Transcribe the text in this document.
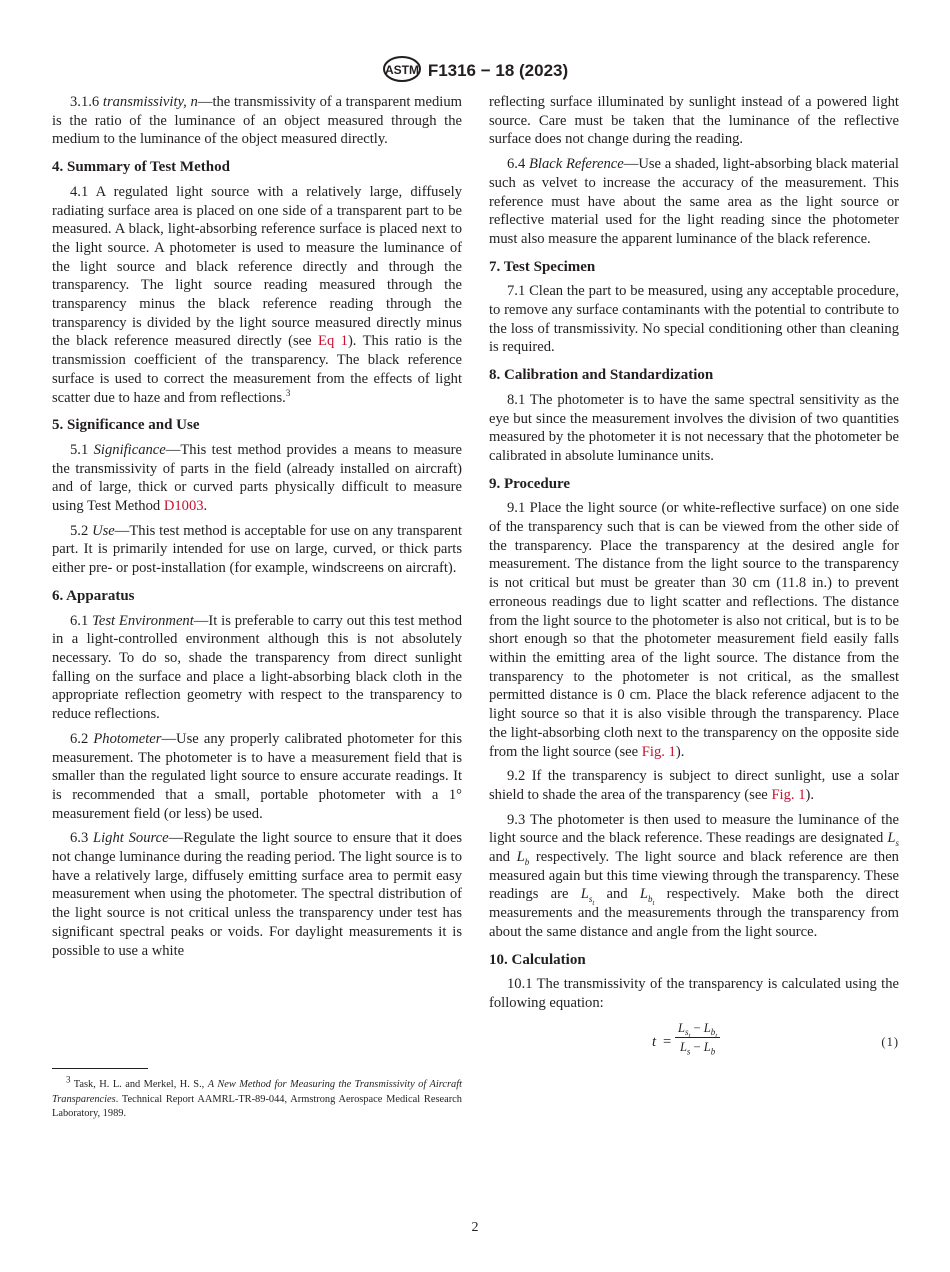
ASTM F1316 − 18 (2023)
3.1.6 transmissivity, n—the transmissivity of a transparent medium is the ratio of the luminance of an object measured through the medium to the luminance of the object measured directly.
4. Summary of Test Method
4.1 A regulated light source with a relatively large, diffusely radiating surface area is placed on one side of a transparent part to be measured. A black, light-absorbing reference surface is placed next to the light source. A photometer is used to measure the luminance of the light source and black reference directly and through the transparency. The light source reading measured through the transparency minus the black reference reading through the transparency is divided by the light source measured directly minus the black reference measured directly (see Eq 1). This ratio is the transmission coefficient of the transparency. The black reference surface is used to correct the measurement from the effects of light scatter due to haze and from reflections.$^3$
5. Significance and Use
5.1 Significance—This test method provides a means to measure the transmissivity of parts in the field (already installed on aircraft) and of large, thick or curved parts physically difficult to measure using Test Method D1003.
5.2 Use—This test method is acceptable for use on any transparent part. It is primarily intended for use on large, curved, or thick parts either pre- or post-installation (for example, windscreens on aircraft).
6. Apparatus
6.1 Test Environment—It is preferable to carry out this test method in a light-controlled environment although this is not absolutely necessary. To do so, shade the transparency from direct sunlight falling on the surface and place a light-absorbing black cloth in the appropriate reflection geometry with respect to the transparency to reduce reflections.
6.2 Photometer—Use any properly calibrated photometer for this measurement. The photometer is to have a measurement field that is smaller than the regulated light source to ensure accurate readings. It is recommended that a small, portable photometer with a 1° measurement field (or less) be used.
6.3 Light Source—Regulate the light source to ensure that it does not change luminance during the reading period. The light source is to have a relatively large, diffusely emitting surface area to permit easy measurement when using the photometer. The spectral distribution of the light source is not critical unless the transparency under test has significant spectral peaks or voids. For daylight measurements it is possible to use a white
reflecting surface illuminated by sunlight instead of a powered light source. Care must be taken that the luminance of the reflective surface does not change during the reading.
6.4 Black Reference—Use a shaded, light-absorbing black material such as velvet to increase the accuracy of the measurement. This reference must have about the same area as the light source or reflective material used for the light reading since the photometer must also measure the apparent luminance of the black reference.
7. Test Specimen
7.1 Clean the part to be measured, using any acceptable procedure, to remove any surface contaminants with the potential to contribute to the loss of transmissivity. No special conditioning other than cleaning is required.
8. Calibration and Standardization
8.1 The photometer is to have the same spectral sensitivity as the eye but since the measurement involves the division of two quantities measured by the photometer it is not necessary that the photometer be calibrated in absolute luminance units.
9. Procedure
9.1 Place the light source (or white-reflective surface) on one side of the transparency such that is can be viewed from the other side of the transparency. Place the transparency at the desired angle for measurement. The distance from the light source to the transparency is not critical but must be greater than 30 cm (11.8 in.) to prevent erroneous readings due to light scatter and reflections. The distance from the light source to the photometer is also not critical, but is to be short enough so that the photometer measurement field easily falls within the emitting area of the light source. The distance from the transparency to the photometer is not critical, as the smallest permitted distance is 0 cm. Place the black reference adjacent to the light source so that it is also visible through the transparency. Place the light-absorbing cloth next to the transparency on the opposite side from the light source (see Fig. 1).
9.2 If the transparency is subject to direct sunlight, use a solar shield to shade the area of the transparency (see Fig. 1).
9.3 The photometer is then used to measure the luminance of the light source and the black reference. These readings are designated $L_s$ and $L_b$ respectively. The light source and black reference are then measured again but this time viewing through the transparency. These readings are $L_{s_t}$ and $L_{b_t}$ respectively. Make both the direct measurements and the measurements through the transparency from about the same distance and angle from the light source.
10. Calculation
10.1 The transmissivity of the transparency is calculated using the following equation:
t =
$L_{s_t} - L_{b_t}$
$L_s - L_b$
(1)
$^3$ Task, H. L. and Merkel, H. S., A New Method for Measuring the Transmissivity of Aircraft Transparencies. Technical Report AAMRL-TR-89-044, Armstrong Aerospace Medical Research Laboratory, 1989.
2
